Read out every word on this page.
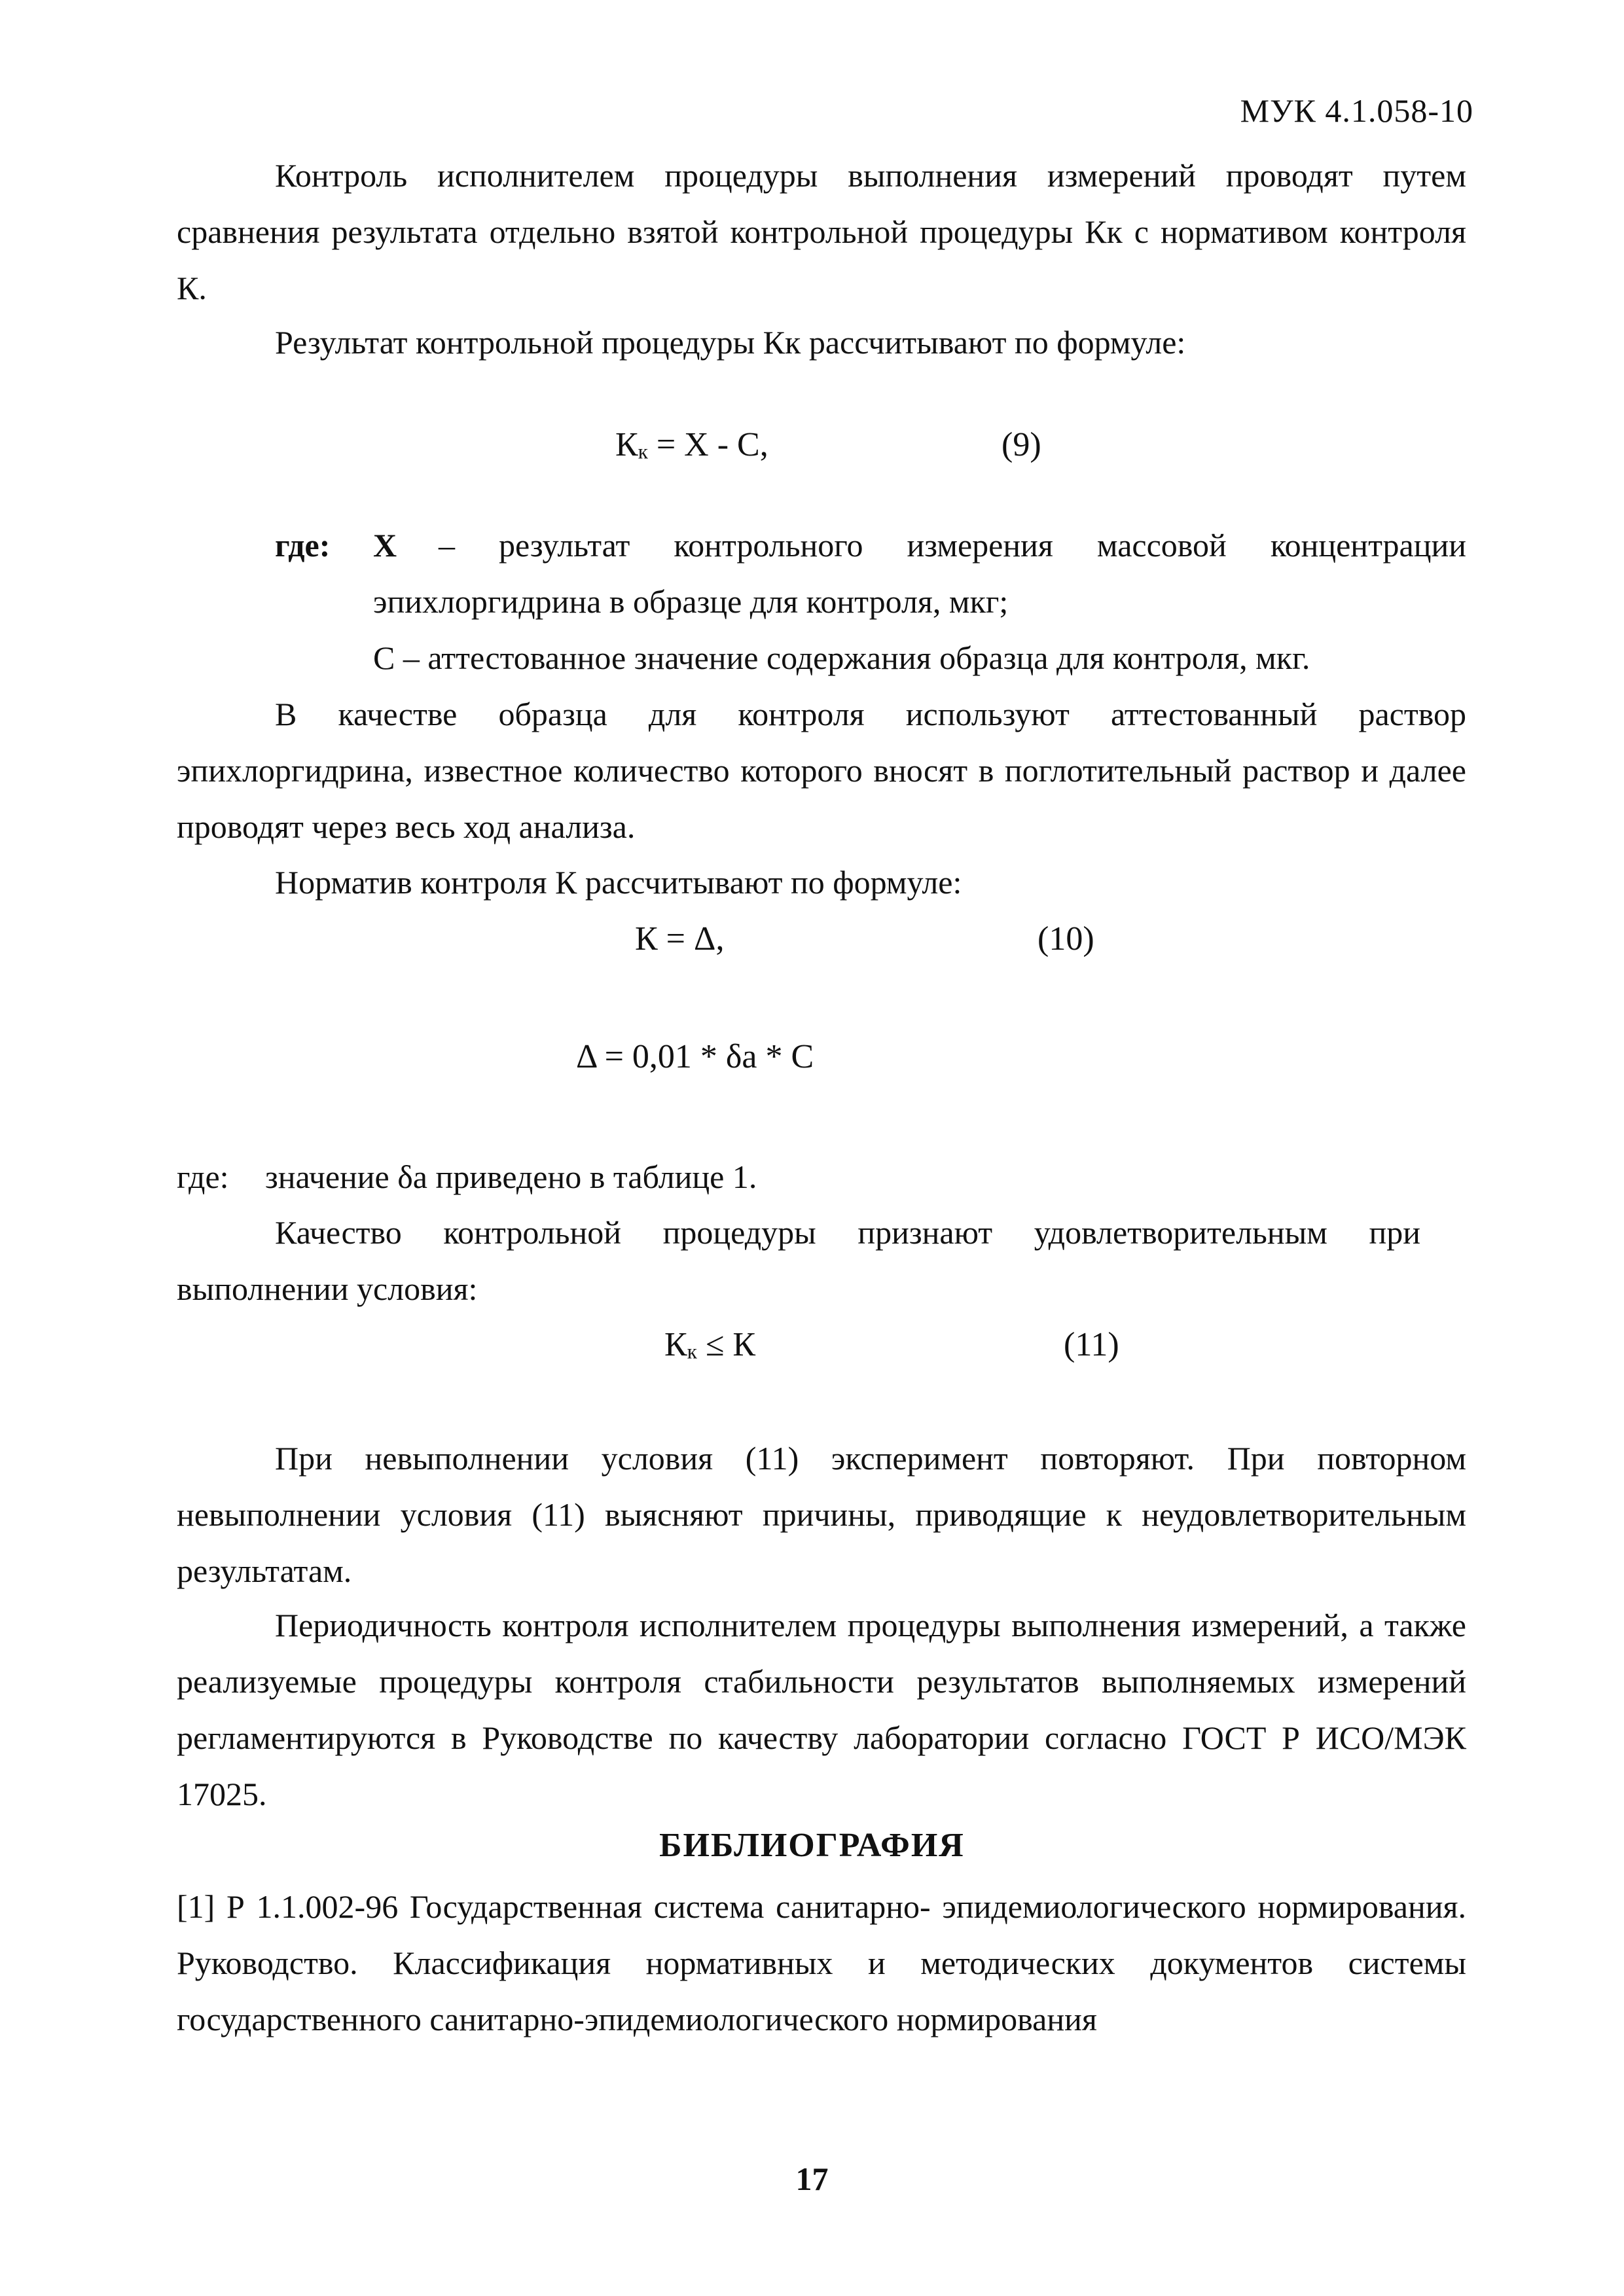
МУК 4.1.058-10

Контроль исполнителем процедуры выполнения измерений проводят путем сравнения результата отдельно взятой контрольной процедуры Кк с нормативом контроля К.

Результат контрольной процедуры Кк рассчитывают по формуле:

$К_к = X - С$,	(9)
где: X – результат контрольного измерения массовой концентрации
эпихлоргидрина в образце для контроля, мкг;
С – аттестованное значение содержания образца для контроля, мкг.

В качестве образца для контроля используют аттестованный раствор эпихлоргидрина, известное количество которого вносят в поглотительный раствор и далее проводят через весь ход анализа.

Норматив контроля К рассчитывают по формуле:

К = Δ,	(10)
Δ = 0,01 * δа * С
где: значение δа приведено в таблице 1.

Качество контрольной процедуры признают удовлетворительным при выполнении условия:

$К_к \le К$	(11)

При невыполнении условия (11) эксперимент повторяют. При повторном невыполнении условия (11) выясняют причины, приводящие к неудовлетворительным результатам.

Периодичность контроля исполнителем процедуры выполнения измерений, а также реализуемые процедуры контроля стабильности результатов выполняемых измерений регламентируются в Руководстве по качеству лаборатории согласно ГОСТ Р ИСО/МЭК 17025.

БИБЛИОГРАФИЯ

[1] Р 1.1.002-96 Государственная система санитарно- эпидемиологического нормирования. Руководство. Классификация нормативных и методических документов системы государственного санитарно-эпидемиологического нормирования

17
